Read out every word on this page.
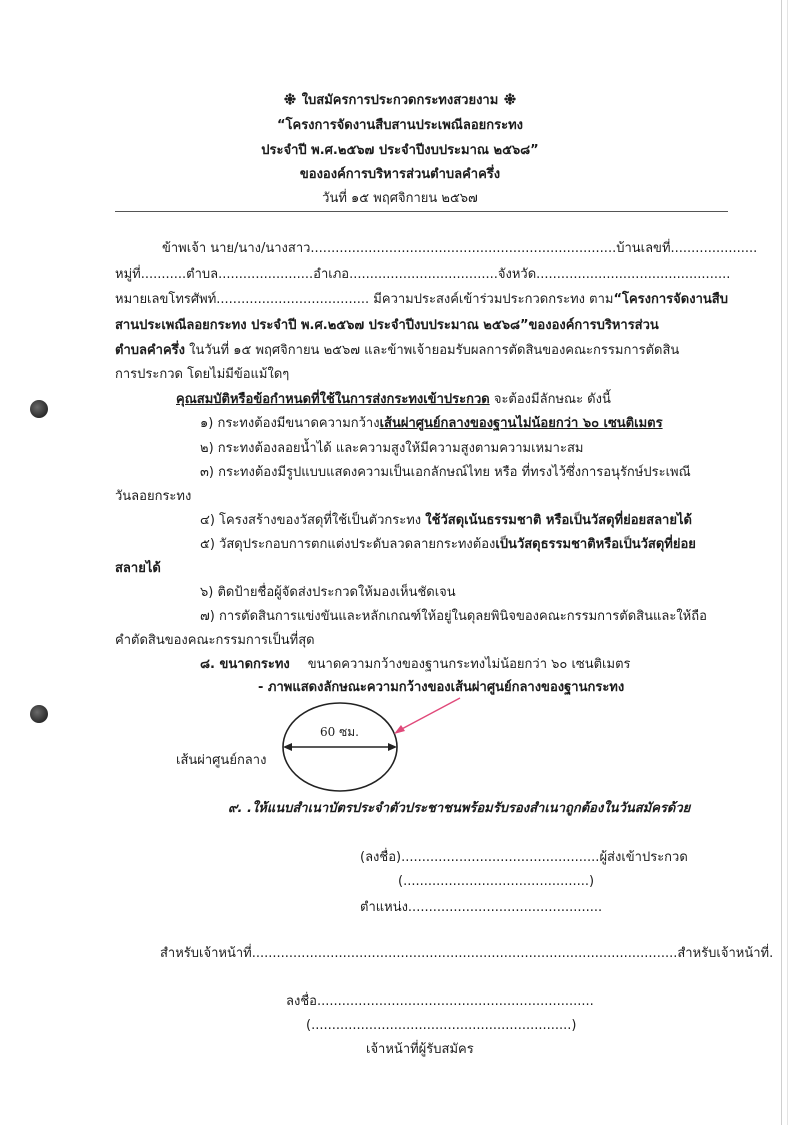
ใบสมัครการประกวดกระทงสวยงาม
“โครงการจัดงานสืบสานประเพณีลอยกระทง
ประจำปี พ.ศ.๒๕๖๗ ประจำปีงบประมาณ ๒๕๖๘”
ขององค์การบริหารส่วนตำบลคำครึ่ง
วันที่ ๑๕ พฤศจิกายน ๒๕๖๗
ข้าพเจ้า นาย/นาง/นางสาว..........................................................................บ้านเลขที่.....................
หมู่ที่...........ตำบล.......................อำเภอ....................................จังหวัด...............................................
หมายเลขโทรศัพท์..................................... มีความประสงค์เข้าร่วมประกวดกระทง ตาม“โครงการจัดงานสืบ
สานประเพณีลอยกระทง ประจำปี พ.ศ.๒๕๖๗ ประจำปีงบประมาณ ๒๕๖๘”ขององค์การบริหารส่วน
ตำบลคำครึ่ง ในวันที่ ๑๕ พฤศจิกายน ๒๕๖๗ และข้าพเจ้ายอมรับผลการตัดสินของคณะกรรมการตัดสิน
การประกวด โดยไม่มีข้อแม้ใดๆ
คุณสมบัติหรือข้อกำหนดที่ใช้ในการส่งกระทงเข้าประกวด จะต้องมีลักษณะ ดังนี้
๑) กระทงต้องมีขนาดความกว้างเส้นผ่าศูนย์กลางของฐานไม่น้อยกว่า ๖๐ เซนติเมตร
๒) กระทงต้องลอยน้ำได้ และความสูงให้มีความสูงตามความเหมาะสม
๓) กระทงต้องมีรูปแบบแสดงความเป็นเอกลักษณ์ไทย หรือ ที่ทรงไว้ซึ่งการอนุรักษ์ประเพณี
วันลอยกระทง
๔) โครงสร้างของวัสดุที่ใช้เป็นตัวกระทง ใช้วัสดุเน้นธรรมชาติ หรือเป็นวัสดุที่ย่อยสลายได้
๕) วัสดุประกอบการตกแต่งประดับลวดลายกระทงต้องเป็นวัสดุธรรมชาติหรือเป็นวัสดุที่ย่อย
สลายได้
๖) ติดป้ายชื่อผู้จัดส่งประกวดให้มองเห็นชัดเจน
๗) การตัดสินการแข่งขันและหลักเกณฑ์ให้อยู่ในดุลยพินิจของคณะกรรมการตัดสินและให้ถือ
คำตัดสินของคณะกรรมการเป็นที่สุด
๘. ขนาดกระทง ขนาดความกว้างของฐานกระทงไม่น้อยกว่า ๖๐ เซนติเมตร
- ภาพแสดงลักษณะความกว้างของเส้นผ่าศูนย์กลางของฐานกระทง
60 ซม.
เส้นผ่าศูนย์กลาง
๙. .ให้แนบสำเนาบัตรประจำตัวประชาชนพร้อมรับรองสำเนาถูกต้องในวันสมัครด้วย
(ลงชื่อ)................................................ผู้ส่งเข้าประกวด
(.............................................)
ตำแหน่ง...............................................
สำหรับเจ้าหน้าที่.......................................................................................................สำหรับเจ้าหน้าที่.
ลงชื่อ...................................................................
(...............................................................)
เจ้าหน้าที่ผู้รับสมัคร
